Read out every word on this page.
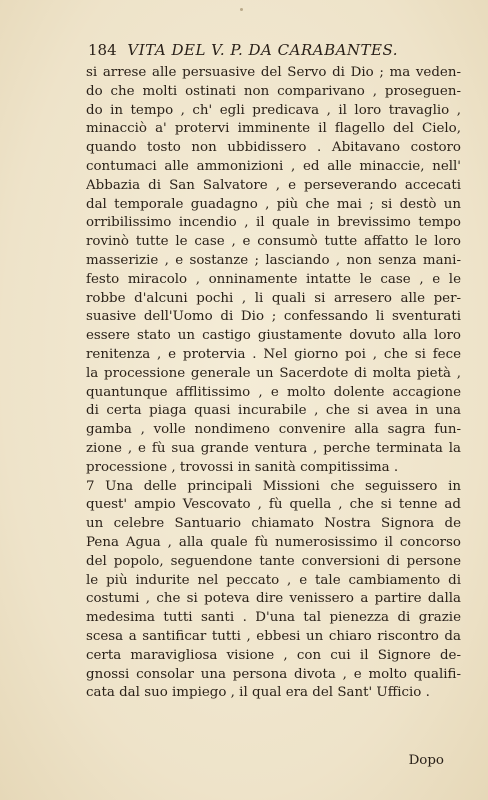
184 VITA DEL V. P. DA CARABANTES.
si arrese alle persuasive del Servo di Dio ; ma veden-
do che molti ostinati non comparivano , proseguen-
do in tempo , ch' egli predicava , il loro travaglio ,
minacciò a' protervi imminente il flagello del Cielo,
quando tosto non ubbidissero . Abitavano costoro
contumaci alle ammonizioni , ed alle minaccie, nell'
Abbazia di San Salvatore , e perseverando accecati
dal temporale guadagno , più che mai ; si destò un
orribilissimo incendio , il quale in brevissimo tempo
rovinò tutte le case , e consumò tutte affatto le loro
masserizie , e sostanze ; lasciando , non senza mani-
festo miracolo , onninamente intatte le case , e le
robbe d'alcuni pochi , li quali si arresero alle per-
suasive dell'Uomo di Dio ; confessando li sventurati
essere stato un castigo giustamente dovuto alla loro
renitenza , e protervia . Nel giorno poi , che si fece
la processione generale un Sacerdote di molta pietà ,
quantunque afflitissimo , e molto dolente accagione
di certa piaga quasi incurabile , che si avea in una
gamba , volle nondimeno convenire alla sagra fun-
zione , e fù sua grande ventura , perche terminata la
processione , trovossi in sanità compitissima .
7 Una delle principali Missioni che seguissero in
quest' ampio Vescovato , fù quella , che si tenne ad
un celebre Santuario chiamato Nostra Signora de
Pena Agua , alla quale fù numerosissimo il concorso
del popolo, seguendone tante conversioni di persone
le più indurite nel peccato , e tale cambiamento di
costumi , che si poteva dire venissero a partire dalla
medesima tutti santi . D'una tal pienezza di grazie
scesa a santificar tutti , ebbesi un chiaro riscontro da
certa maravigliosa visione , con cui il Signore de-
gnossi consolar una persona divota , e molto qualifi-
cata dal suo impiego , il qual era del Sant' Ufficio .
Dopo
